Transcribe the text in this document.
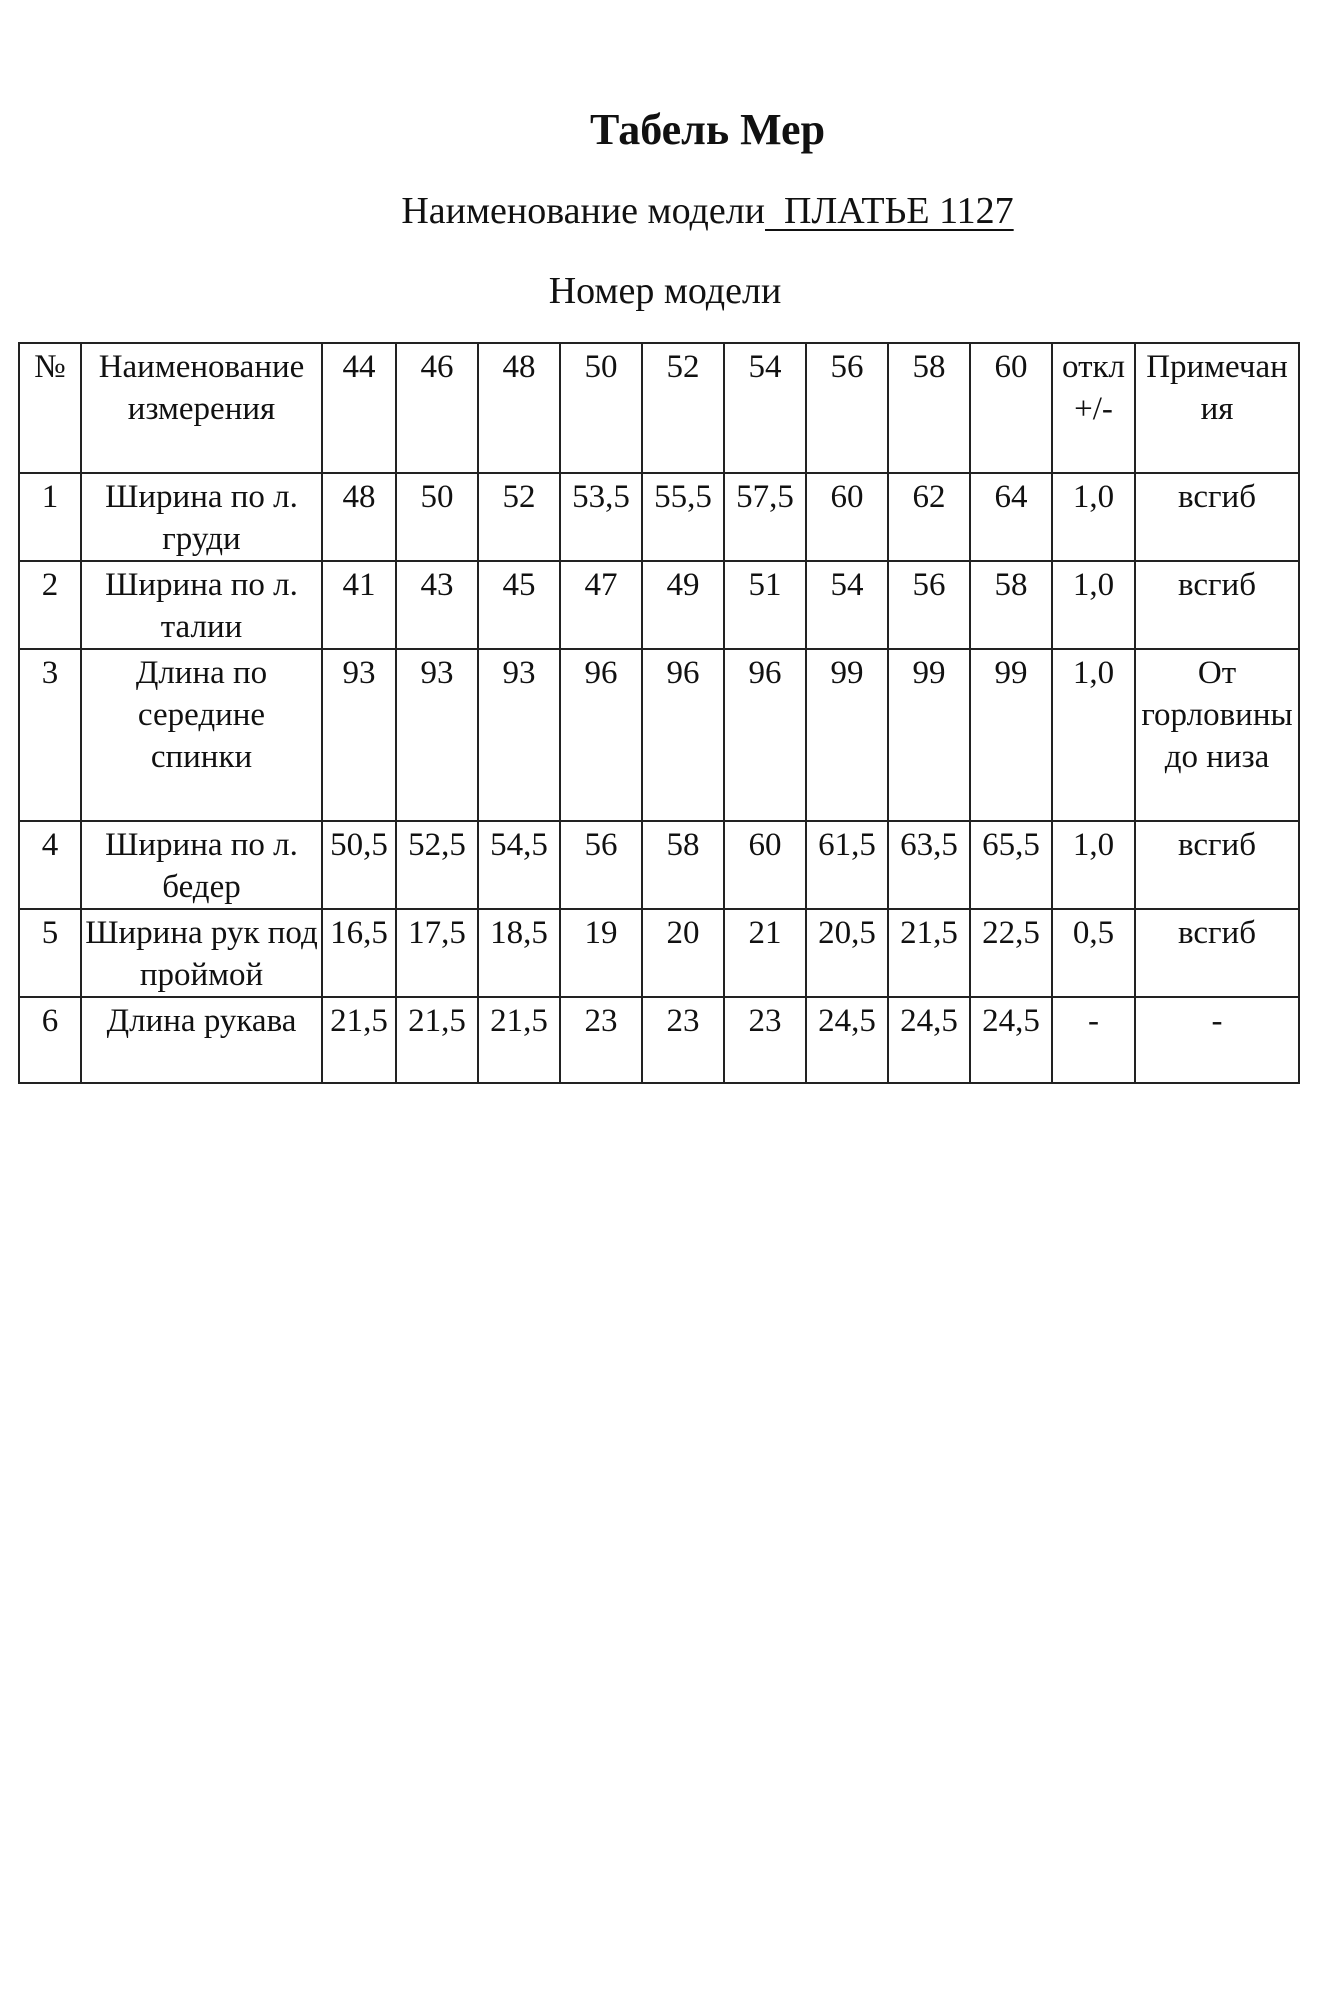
Табель Мер
Наименование модели  ПЛАТЬЕ 1127
Номер модели
№	Наименование измерения	44	46	48	50	52	54	56	58	60	откл +/-	Примечания
1	Ширина по л. груди	48	50	52	53,5	55,5	57,5	60	62	64	1,0	всгиб
2	Ширина по л. талии	41	43	45	47	49	51	54	56	58	1,0	всгиб
3	Длина по середине спинки	93	93	93	96	96	96	99	99	99	1,0	От горловины до низа
4	Ширина по л. бедер	50,5	52,5	54,5	56	58	60	61,5	63,5	65,5	1,0	всгиб
5	Ширина рук под проймой	16,5	17,5	18,5	19	20	21	20,5	21,5	22,5	0,5	всгиб
6	Длина рукава	21,5	21,5	21,5	23	23	23	24,5	24,5	24,5	-	-
